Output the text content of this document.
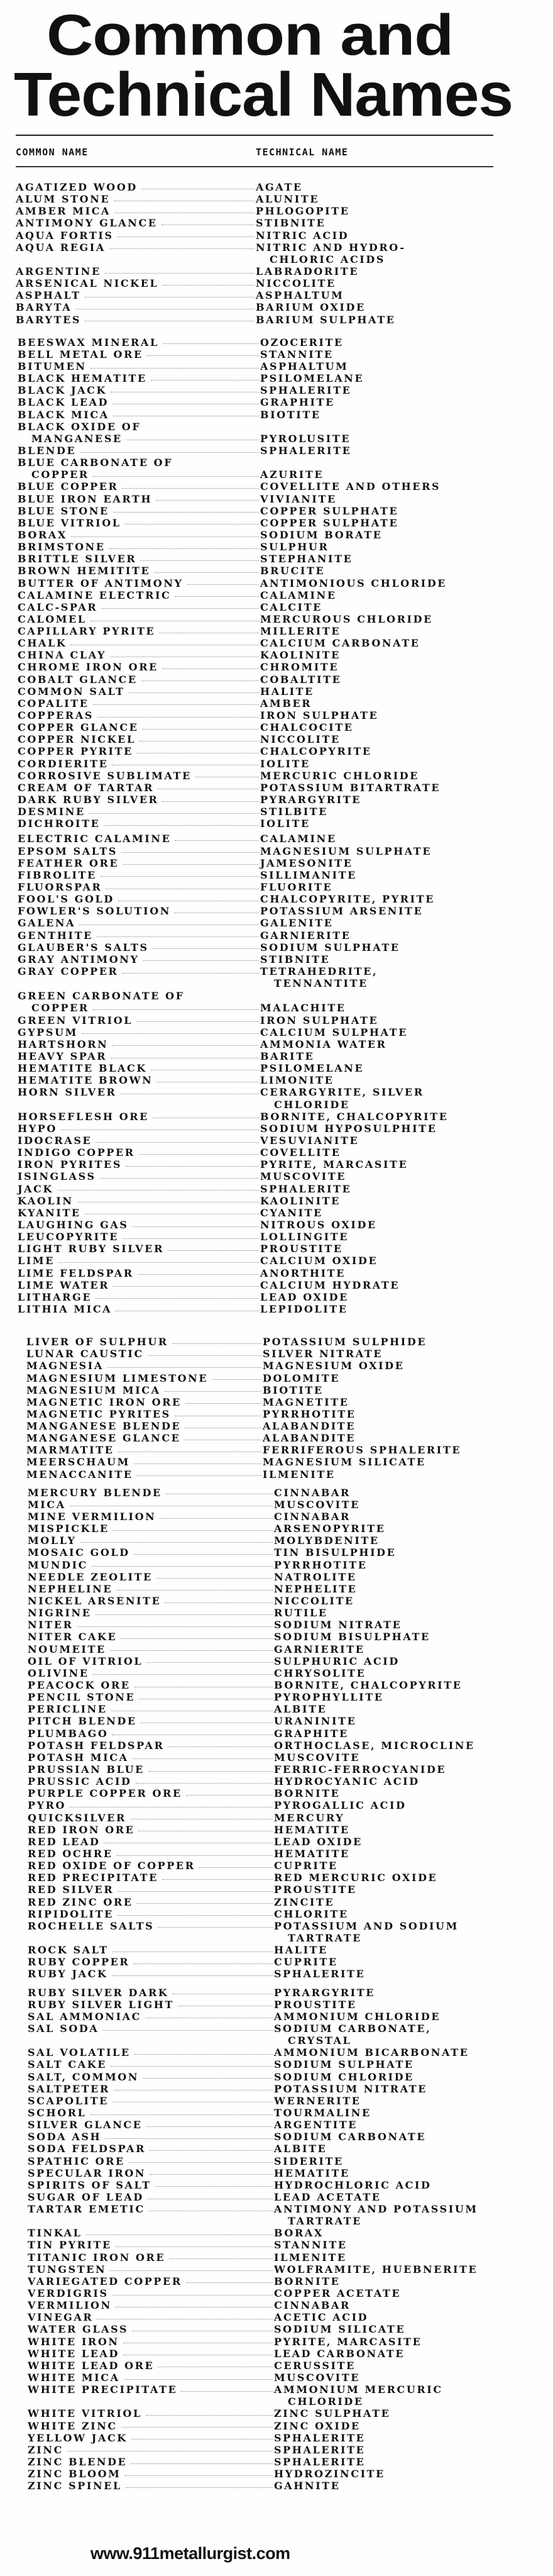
Common and
Technical Names
COMMON NAME	TECHNICAL NAME
AGATIZED WOOD	AGATE
ALUM STONE	ALUNITE
AMBER MICA	PHLOGOPITE
ANTIMONY GLANCE	STIBNITE
AQUA FORTIS	NITRIC ACID
AQUA REGIA	NITRIC AND HYDRO-
CHLORIC ACIDS
ARGENTINE	LABRADORITE
ARSENICAL NICKEL	NICCOLITE
ASPHALT	ASPHALTUM
BARYTA	BARIUM OXIDE
BARYTES	BARIUM SULPHATE
BEESWAX MINERAL	OZOCERITE
BELL METAL ORE	STANNITE
BITUMEN	ASPHALTUM
BLACK HEMATITE	PSILOMELANE
BLACK JACK	SPHALERITE
BLACK LEAD	GRAPHITE
BLACK MICA	BIOTITE
BLACK OXIDE OF
MANGANESE	PYROLUSITE
BLENDE	SPHALERITE
BLUE CARBONATE OF
COPPER	AZURITE
BLUE COPPER	COVELLITE AND OTHERS
BLUE IRON EARTH	VIVIANITE
BLUE STONE	COPPER SULPHATE
BLUE VITRIOL	COPPER SULPHATE
BORAX	SODIUM BORATE
BRIMSTONE	SULPHUR
BRITTLE SILVER	STEPHANITE
BROWN HEMITITE	BRUCITE
BUTTER OF ANTIMONY	ANTIMONIOUS CHLORIDE
CALAMINE ELECTRIC	CALAMINE
CALC-SPAR	CALCITE
CALOMEL	MERCUROUS CHLORIDE
CAPILLARY PYRITE	MILLERITE
CHALK	CALCIUM CARBONATE
CHINA CLAY	KAOLINITE
CHROME IRON ORE	CHROMITE
COBALT GLANCE	COBALTITE
COMMON SALT	HALITE
COPALITE	AMBER
COPPERAS	IRON SULPHATE
COPPER GLANCE	CHALCOCITE
COPPER NICKEL	NICCOLITE
COPPER PYRITE	CHALCOPYRITE
CORDIERITE	IOLITE
CORROSIVE SUBLIMATE	MERCURIC CHLORIDE
CREAM OF TARTAR	POTASSIUM BITARTRATE
DARK RUBY SILVER	PYRARGYRITE
DESMINE	STILBITE
DICHROITE	IOLITE
ELECTRIC CALAMINE	CALAMINE
EPSOM SALTS	MAGNESIUM SULPHATE
FEATHER ORE	JAMESONITE
FIBROLITE	SILLIMANITE
FLUORSPAR	FLUORITE
FOOL'S GOLD	CHALCOPYRITE, PYRITE
FOWLER'S SOLUTION	POTASSIUM ARSENITE
GALENA	GALENITE
GENTHITE	GARNIERITE
GLAUBER'S SALTS	SODIUM SULPHATE
GRAY ANTIMONY	STIBNITE
GRAY COPPER	TETRAHEDRITE,
TENNANTITE
GREEN CARBONATE OF
COPPER	MALACHITE
GREEN VITRIOL	IRON SULPHATE
GYPSUM	CALCIUM SULPHATE
HARTSHORN	AMMONIA WATER
HEAVY SPAR	BARITE
HEMATITE BLACK	PSILOMELANE
HEMATITE BROWN	LIMONITE
HORN SILVER	CERARGYRITE, SILVER
CHLORIDE
HORSEFLESH ORE	BORNITE, CHALCOPYRITE
HYPO	SODIUM HYPOSULPHITE
IDOCRASE	VESUVIANITE
INDIGO COPPER	COVELLITE
IRON PYRITES	PYRITE, MARCASITE
ISINGLASS	MUSCOVITE
JACK	SPHALERITE
KAOLIN	KAOLINITE
KYANITE	CYANITE
LAUGHING GAS	NITROUS OXIDE
LEUCOPYRITE	LOLLINGITE
LIGHT RUBY SILVER	PROUSTITE
LIME	CALCIUM OXIDE
LIME FELDSPAR	ANORTHITE
LIME WATER	CALCIUM HYDRATE
LITHARGE	LEAD OXIDE
LITHIA MICA	LEPIDOLITE
LIVER OF SULPHUR	POTASSIUM SULPHIDE
LUNAR CAUSTIC	SILVER NITRATE
MAGNESIA	MAGNESIUM OXIDE
MAGNESIUM LIMESTONE	DOLOMITE
MAGNESIUM MICA	BIOTITE
MAGNETIC IRON ORE	MAGNETITE
MAGNETIC PYRITES	PYRRHOTITE
MANGANESE BLENDE	ALABANDITE
MANGANESE GLANCE	ALABANDITE
MARMATITE	FERRIFEROUS SPHALERITE
MEERSCHAUM	MAGNESIUM SILICATE
MENACCANITE	ILMENITE
MERCURY BLENDE	CINNABAR
MICA	MUSCOVITE
MINE VERMILION	CINNABAR
MISPICKLE	ARSENOPYRITE
MOLLY	MOLYBDENITE
MOSAIC GOLD	TIN BISULPHIDE
MUNDIC	PYRRHOTITE
NEEDLE ZEOLITE	NATROLITE
NEPHELINE	NEPHELITE
NICKEL ARSENITE	NICCOLITE
NIGRINE	RUTILE
NITER	SODIUM NITRATE
NITER CAKE	SODIUM BISULPHATE
NOUMEITE	GARNIERITE
OIL OF VITRIOL	SULPHURIC ACID
OLIVINE	CHRYSOLITE
PEACOCK ORE	BORNITE, CHALCOPYRITE
PENCIL STONE	PYROPHYLLITE
PERICLINE	ALBITE
PITCH BLENDE	URANINITE
PLUMBAGO	GRAPHITE
POTASH FELDSPAR	ORTHOCLASE, MICROCLINE
POTASH MICA	MUSCOVITE
PRUSSIAN BLUE	FERRIC-FERROCYANIDE
PRUSSIC ACID	HYDROCYANIC ACID
PURPLE COPPER ORE	BORNITE
PYRO	PYROGALLIC ACID
QUICKSILVER	MERCURY
RED IRON ORE	HEMATITE
RED LEAD	LEAD OXIDE
RED OCHRE	HEMATITE
RED OXIDE OF COPPER	CUPRITE
RED PRECIPITATE	RED MERCURIC OXIDE
RED SILVER	PROUSTITE
RED ZINC ORE	ZINCITE
RIPIDOLITE	CHLORITE
ROCHELLE SALTS	POTASSIUM AND SODIUM
TARTRATE
ROCK SALT	HALITE
RUBY COPPER	CUPRITE
RUBY JACK	SPHALERITE
RUBY SILVER DARK	PYRARGYRITE
RUBY SILVER LIGHT	PROUSTITE
SAL AMMONIAC	AMMONIUM CHLORIDE
SAL SODA	SODIUM CARBONATE,
CRYSTAL
SAL VOLATILE	AMMONIUM BICARBONATE
SALT CAKE	SODIUM SULPHATE
SALT, COMMON	SODIUM CHLORIDE
SALTPETER	POTASSIUM NITRATE
SCAPOLITE	WERNERITE
SCHORL	TOURMALINE
SILVER GLANCE	ARGENTITE
SODA ASH	SODIUM CARBONATE
SODA FELDSPAR	ALBITE
SPATHIC ORE	SIDERITE
SPECULAR IRON	HEMATITE
SPIRITS OF SALT	HYDROCHLORIC ACID
SUGAR OF LEAD	LEAD ACETATE
TARTAR EMETIC	ANTIMONY AND POTASSIUM
TARTRATE
TINKAL	BORAX
TIN PYRITE	STANNITE
TITANIC IRON ORE	ILMENITE
TUNGSTEN	WOLFRAMITE, HUEBNERITE
VARIEGATED COPPER	BORNITE
VERDIGRIS	COPPER ACETATE
VERMILION	CINNABAR
VINEGAR	ACETIC ACID
WATER GLASS	SODIUM SILICATE
WHITE IRON	PYRITE, MARCASITE
WHITE LEAD	LEAD CARBONATE
WHITE LEAD ORE	CERUSSITE
WHITE MICA	MUSCOVITE
WHITE PRECIPITATE	AMMONIUM MERCURIC
CHLORIDE
WHITE VITRIOL	ZINC SULPHATE
WHITE ZINC	ZINC OXIDE
YELLOW JACK	SPHALERITE
ZINC	SPHALERITE
ZINC BLENDE	SPHALERITE
ZINC BLOOM	HYDROZINCITE
ZINC SPINEL	GAHNITE
www.911metallurgist.com
